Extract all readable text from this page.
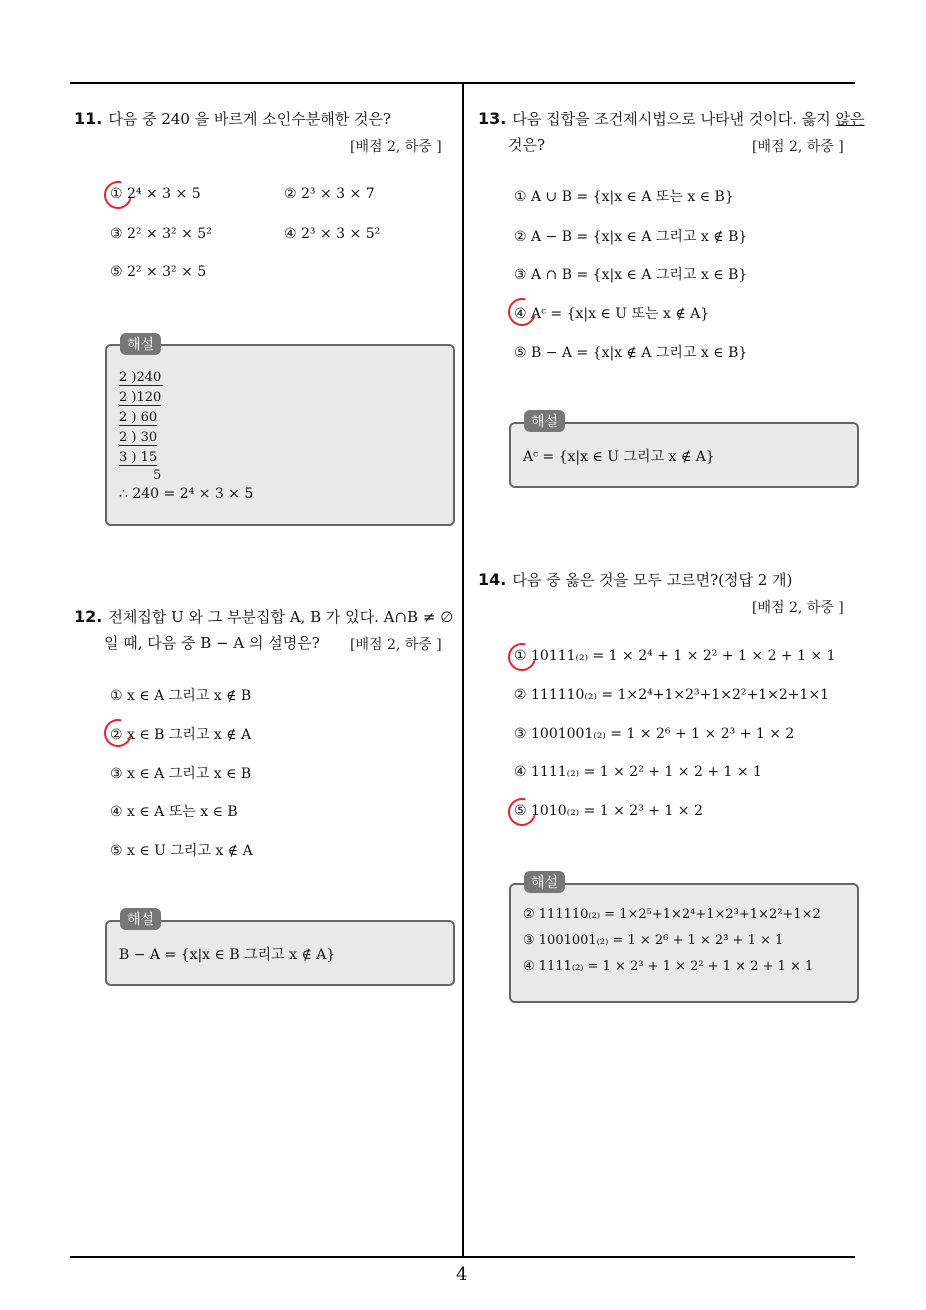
11. 다음 중 240 을 바르게 소인수분해한 것은?
[배점 2, 하중 ]
① 2⁴ × 3 × 5	② 2³ × 3 × 7
③ 2² × 3² × 5²	④ 2³ × 3 × 5²
⑤ 2² × 3² × 5
2 )240
2 )120
2 ) 60
2 ) 30
3 ) 15
5
∴ 240 = 2⁴ × 3 × 5
해설
12. 전체집합 U 와 그 부분집합 A, B 가 있다. A∩B ≠ ∅
일 때, 다음 중 B − A 의 설명은? [배점 2, 하중 ]
① x ∈ A 그리고 x ∉ B
② x ∈ B 그리고 x ∉ A
③ x ∈ A 그리고 x ∈ B
④ x ∈ A 또는 x ∈ B
⑤ x ∈ U 그리고 x ∉ A
B − A = {x|x ∈ B 그리고 x ∉ A}
해설
13. 다음 집합을 조건제시법으로 나타낸 것이다. 옳지 않은
것은?	[배점 2, 하중 ]
① A ∪ B = {x|x ∈ A 또는 x ∈ B}
② A − B = {x|x ∈ A 그리고 x ∉ B}
③ A ∩ B = {x|x ∈ A 그리고 x ∈ B}
④ Aᶜ = {x|x ∈ U 또는 x ∉ A}
⑤ B − A = {x|x ∉ A 그리고 x ∈ B}
Aᶜ = {x|x ∈ U 그리고 x ∉ A}
해설
14. 다음 중 옳은 것을 모두 고르면?(정답 2 개)
[배점 2, 하중 ]
① 10111₍₂₎ = 1 × 2⁴ + 1 × 2² + 1 × 2 + 1 × 1
② 111110₍₂₎ = 1×2⁴+1×2³+1×2²+1×2+1×1
③ 1001001₍₂₎ = 1 × 2⁶ + 1 × 2³ + 1 × 2
④ 1111₍₂₎ = 1 × 2² + 1 × 2 + 1 × 1
⑤ 1010₍₂₎ = 1 × 2³ + 1 × 2
② 111110₍₂₎ = 1×2⁵+1×2⁴+1×2³+1×2²+1×2
③ 1001001₍₂₎ = 1 × 2⁶ + 1 × 2³ + 1 × 1
④ 1111₍₂₎ = 1 × 2³ + 1 × 2² + 1 × 2 + 1 × 1
해설
4
